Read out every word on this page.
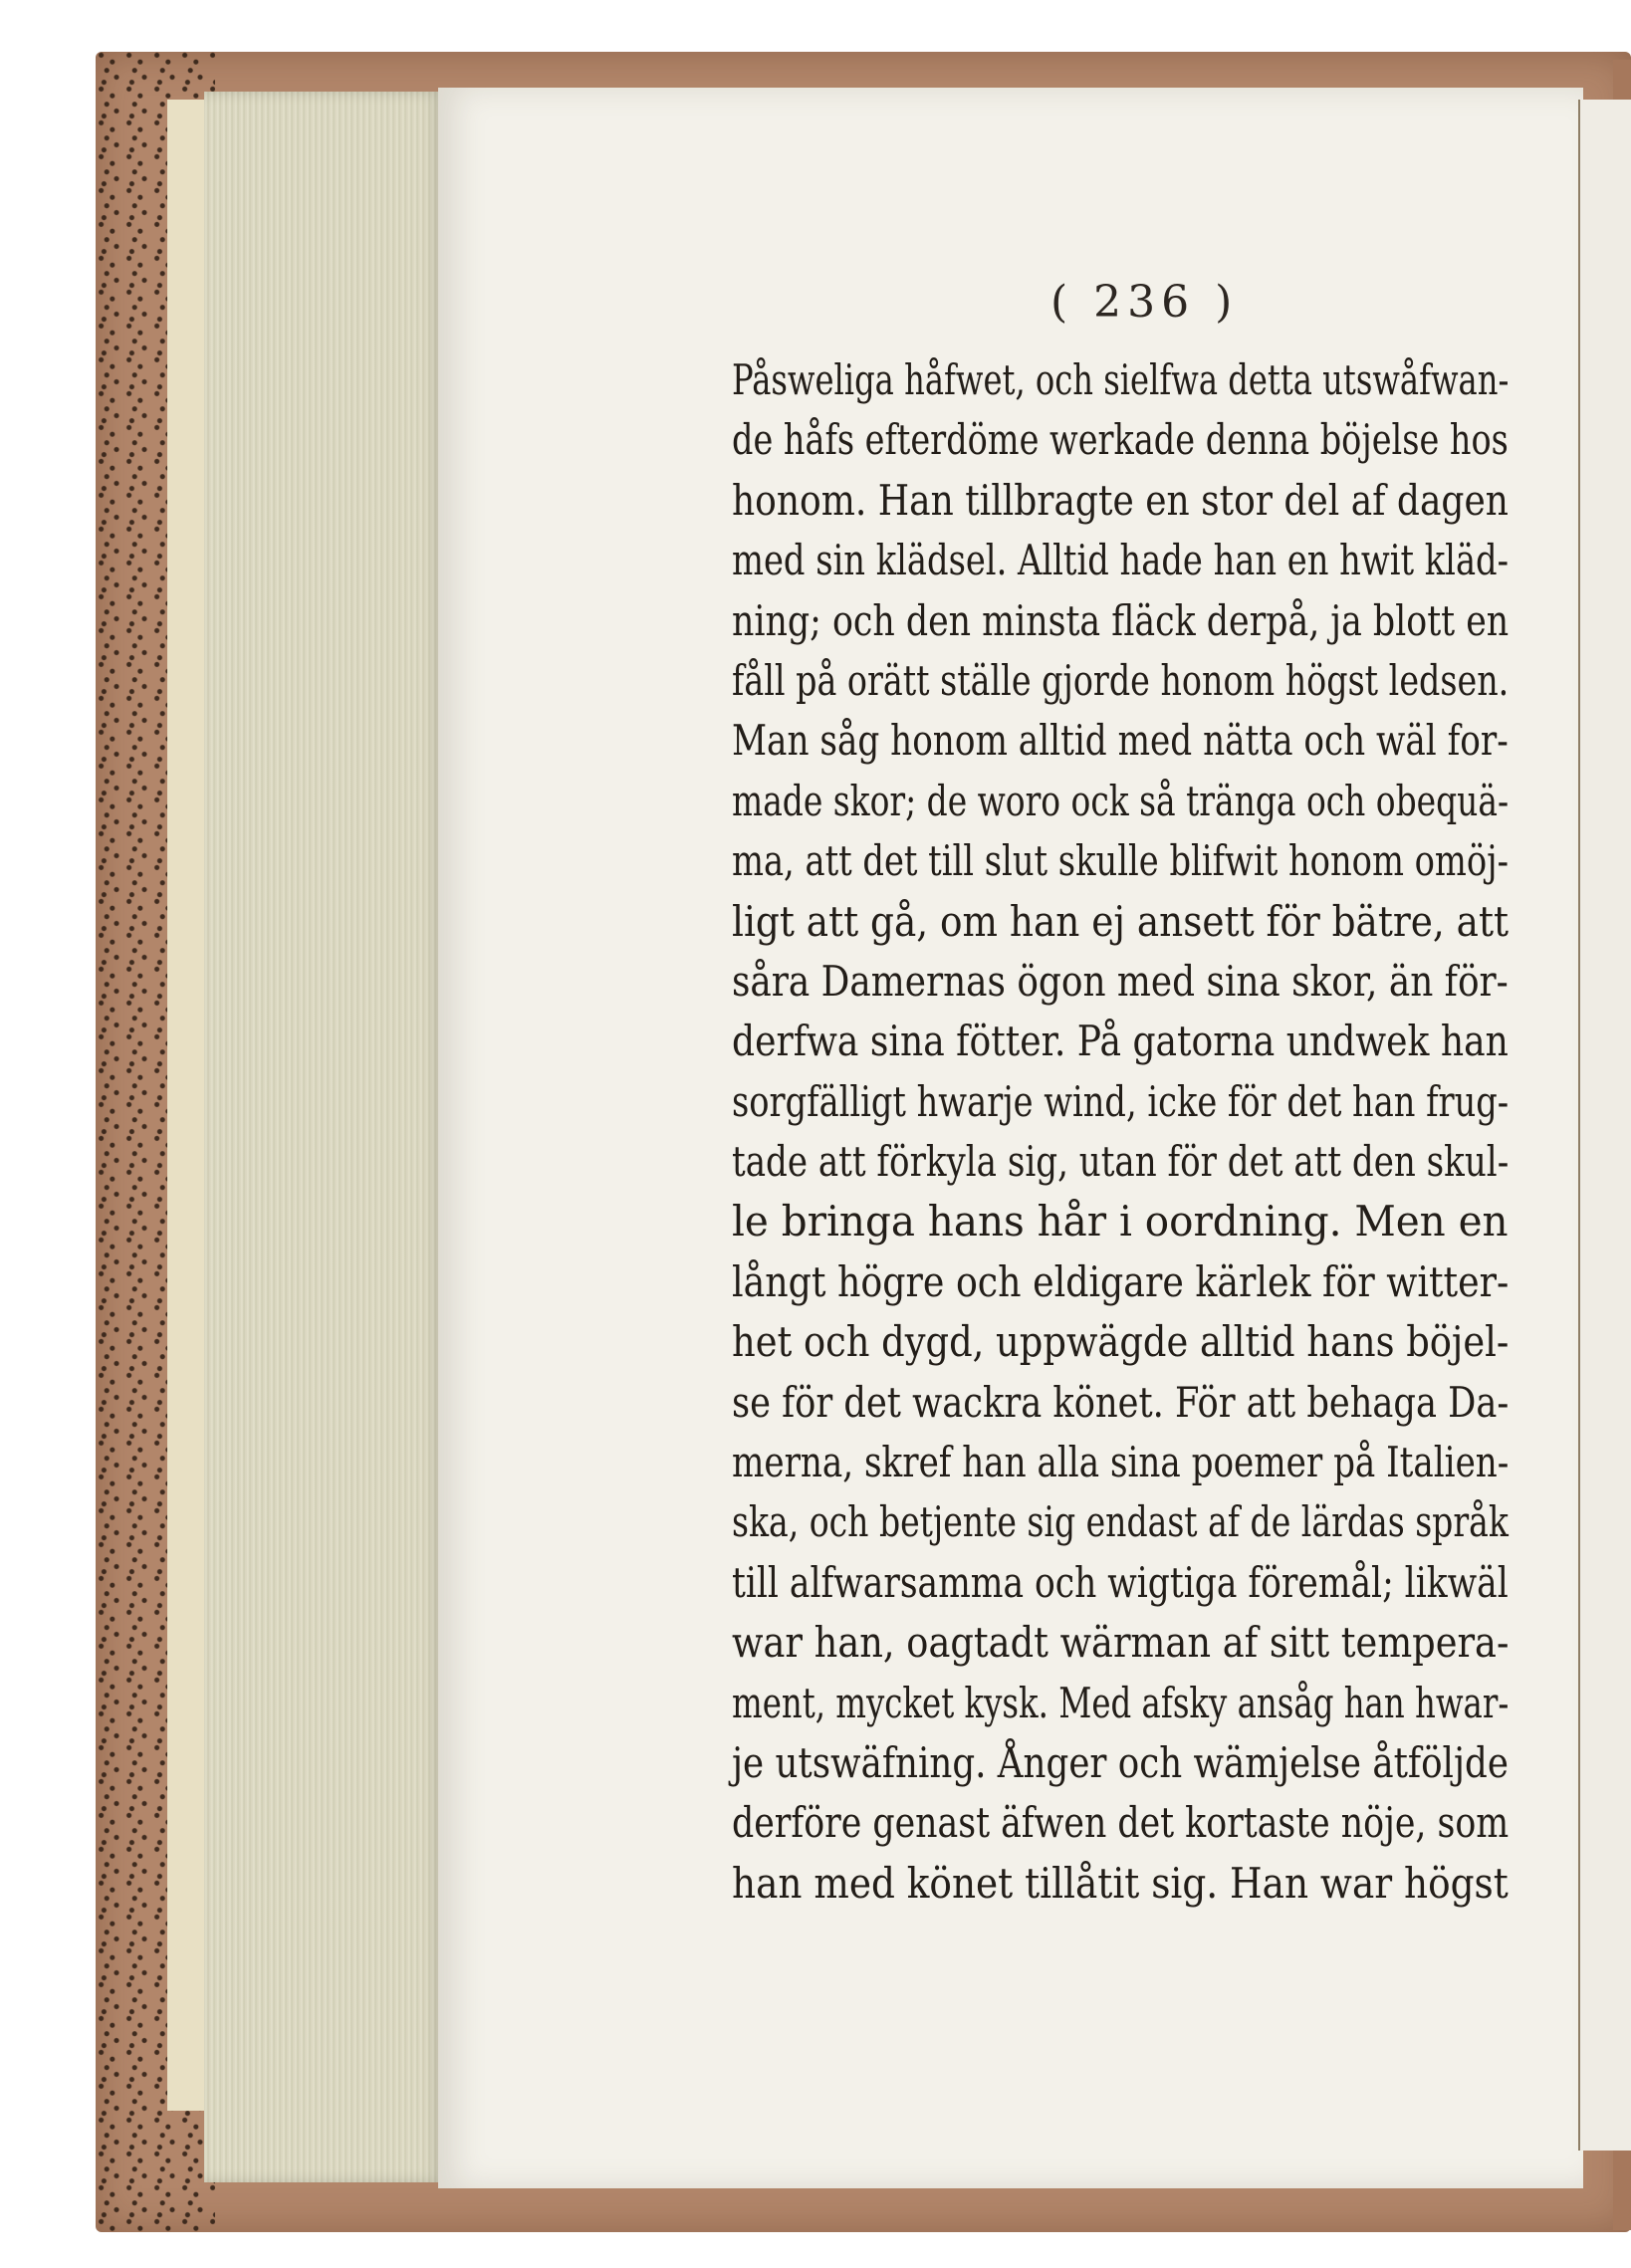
( 236 )
Påsweliga håfwet, och sielfwa detta utswåfwan-
de håfs efterdöme werkade denna böjelse hos
honom. Han tillbragte en stor del af dagen
med sin klädsel. Alltid hade han en hwit kläd-
ning; och den minsta fläck derpå, ja blott en
fåll på orätt ställe gjorde honom högst ledsen.
Man såg honom alltid med nätta och wäl for-
made skor; de woro ock så tränga och obequä-
ma, att det till slut skulle blifwit honom omöj-
ligt att gå, om han ej ansett för bätre, att
såra Damernas ögon med sina skor, än för-
derfwa sina fötter. På gatorna undwek han
sorgfälligt hwarje wind, icke för det han frug-
tade att förkyla sig, utan för det att den skul-
le bringa hans hår i oordning. Men en
långt högre och eldigare kärlek för witter-
het och dygd, uppwägde alltid hans böjel-
se för det wackra könet. För att behaga Da-
merna, skref han alla sina poemer på Italien-
ska, och betjente sig endast af de lärdas språk
till alfwarsamma och wigtiga föremål; likwäl
war han, oagtadt wärman af sitt tempera-
ment, mycket kysk. Med afsky ansåg han hwar-
je utswäfning. Ånger och wämjelse åtföljde
derföre genast äfwen det kortaste nöje, som
han med könet tillåtit sig. Han war högst
